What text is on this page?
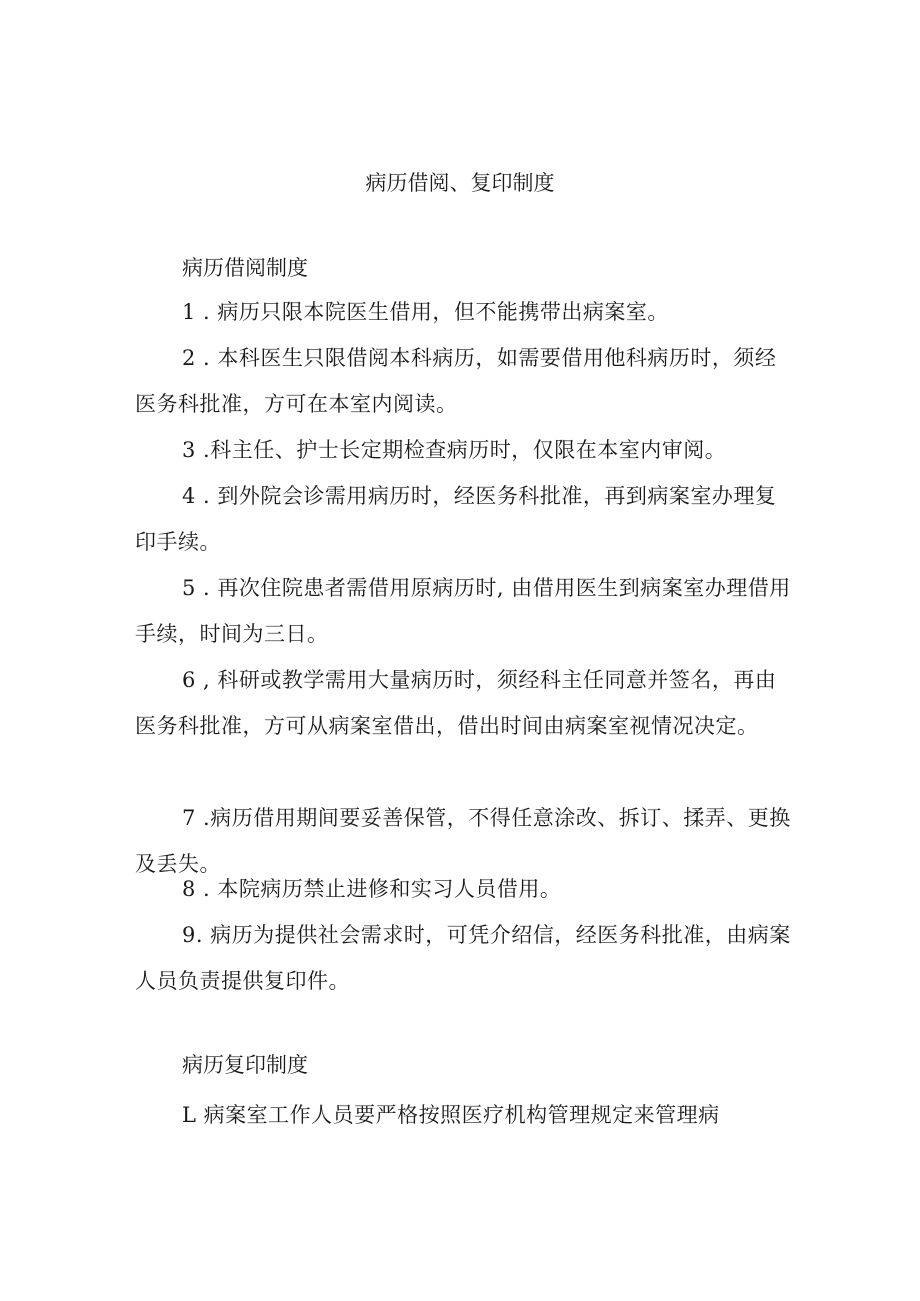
病历借阅、复印制度
病历借阅制度

1 . 病历只限本院医生借用，但不能携带出病案室。

2 . 本科医生只限借阅本科病历，如需要借用他科病历时，须经医务科批准，方可在本室内阅读。

3 .科主任、护士长定期检查病历时，仅限在本室内审阅。

4 . 到外院会诊需用病历时，经医务科批准，再到病案室办理复印手续。

5 . 再次住院患者需借用原病历时, 由借用医生到病案室办理借用手续，时间为三日。

6 , 科研或教学需用大量病历时，须经科主任同意并签名，再由医务科批准，方可从病案室借出，借出时间由病案室视情况决定。

7 .病历借用期间要妥善保管，不得任意涂改、拆订、揉弄、更换及丢失。

8 . 本院病历禁止进修和实习人员借用。

9. 病历为提供社会需求时，可凭介绍信，经医务科批准，由病案人员负责提供复印件。

病历复印制度

L 病案室工作人员要严格按照医疗机构管理规定来管理病
